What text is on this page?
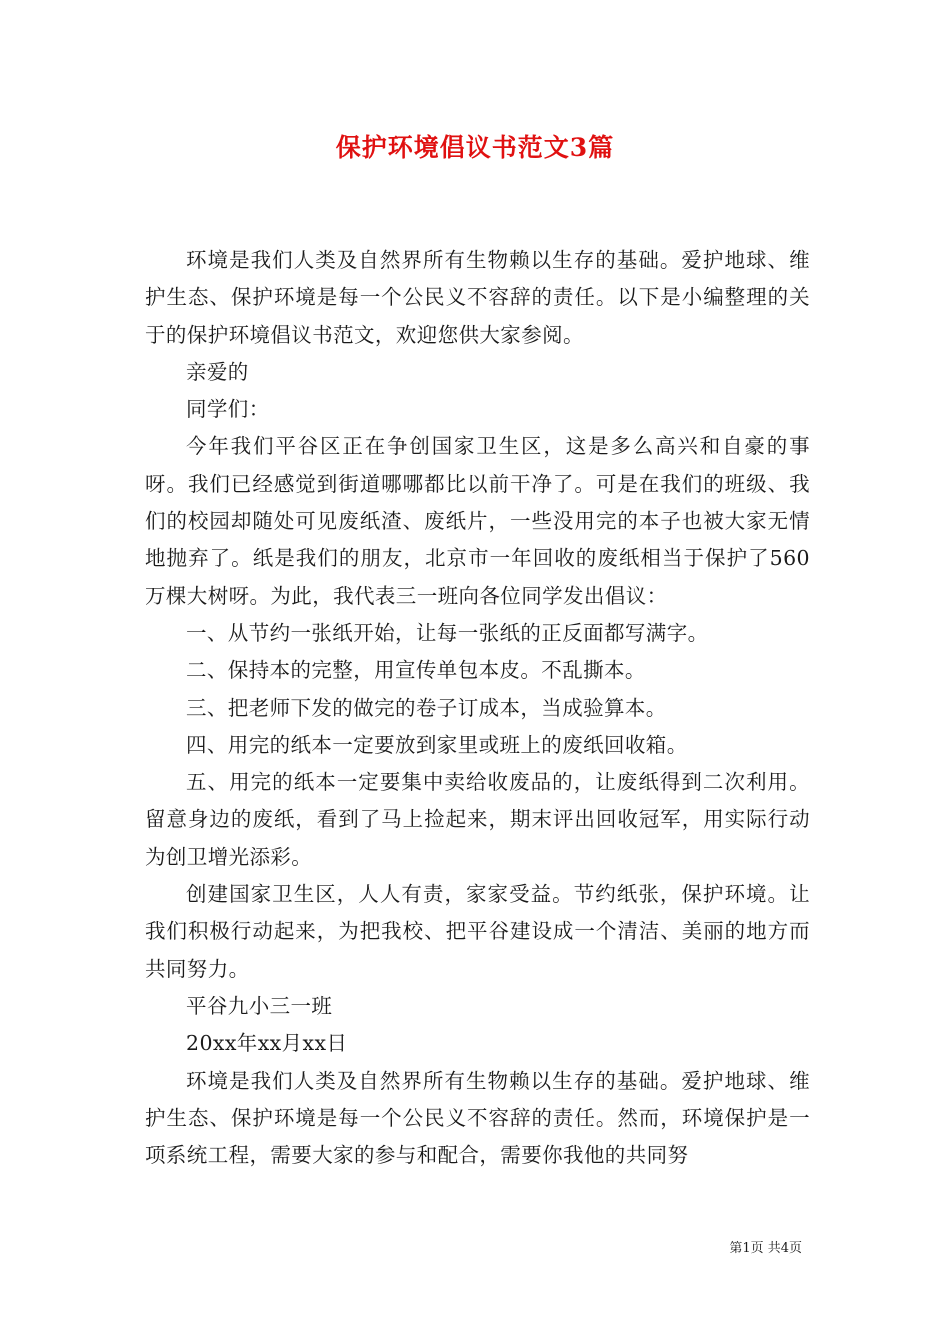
保护环境倡议书范文3篇

环境是我们人类及自然界所有生物赖以生存的基础。爱护地球、维护生态、保护环境是每一个公民义不容辞的责任。以下是小编整理的关于的保护环境倡议书范文，欢迎您供大家参阅。

亲爱的

同学们：

今年我们平谷区正在争创国家卫生区，这是多么高兴和自豪的事呀。我们已经感觉到街道哪哪都比以前干净了。可是在我们的班级、我们的校园却随处可见废纸渣、废纸片，一些没用完的本子也被大家无情地抛弃了。纸是我们的朋友，北京市一年回收的废纸相当于保护了560万棵大树呀。为此，我代表三一班向各位同学发出倡议：

一、从节约一张纸开始，让每一张纸的正反面都写满字。

二、保持本的完整，用宣传单包本皮。不乱撕本。

三、把老师下发的做完的卷子订成本，当成验算本。

四、用完的纸本一定要放到家里或班上的废纸回收箱。

五、用完的纸本一定要集中卖给收废品的，让废纸得到二次利用。留意身边的废纸，看到了马上捡起来，期末评出回收冠军，用实际行动为创卫增光添彩。

创建国家卫生区，人人有责，家家受益。节约纸张，保护环境。让我们积极行动起来，为把我校、把平谷建设成一个清洁、美丽的地方而共同努力。

平谷九小三一班

20xx年xx月xx日

环境是我们人类及自然界所有生物赖以生存的基础。爱护地球、维护生态、保护环境是每一个公民义不容辞的责任。然而，环境保护是一项系统工程，需要大家的参与和配合，需要你我他的共同努

第1页 共4页
